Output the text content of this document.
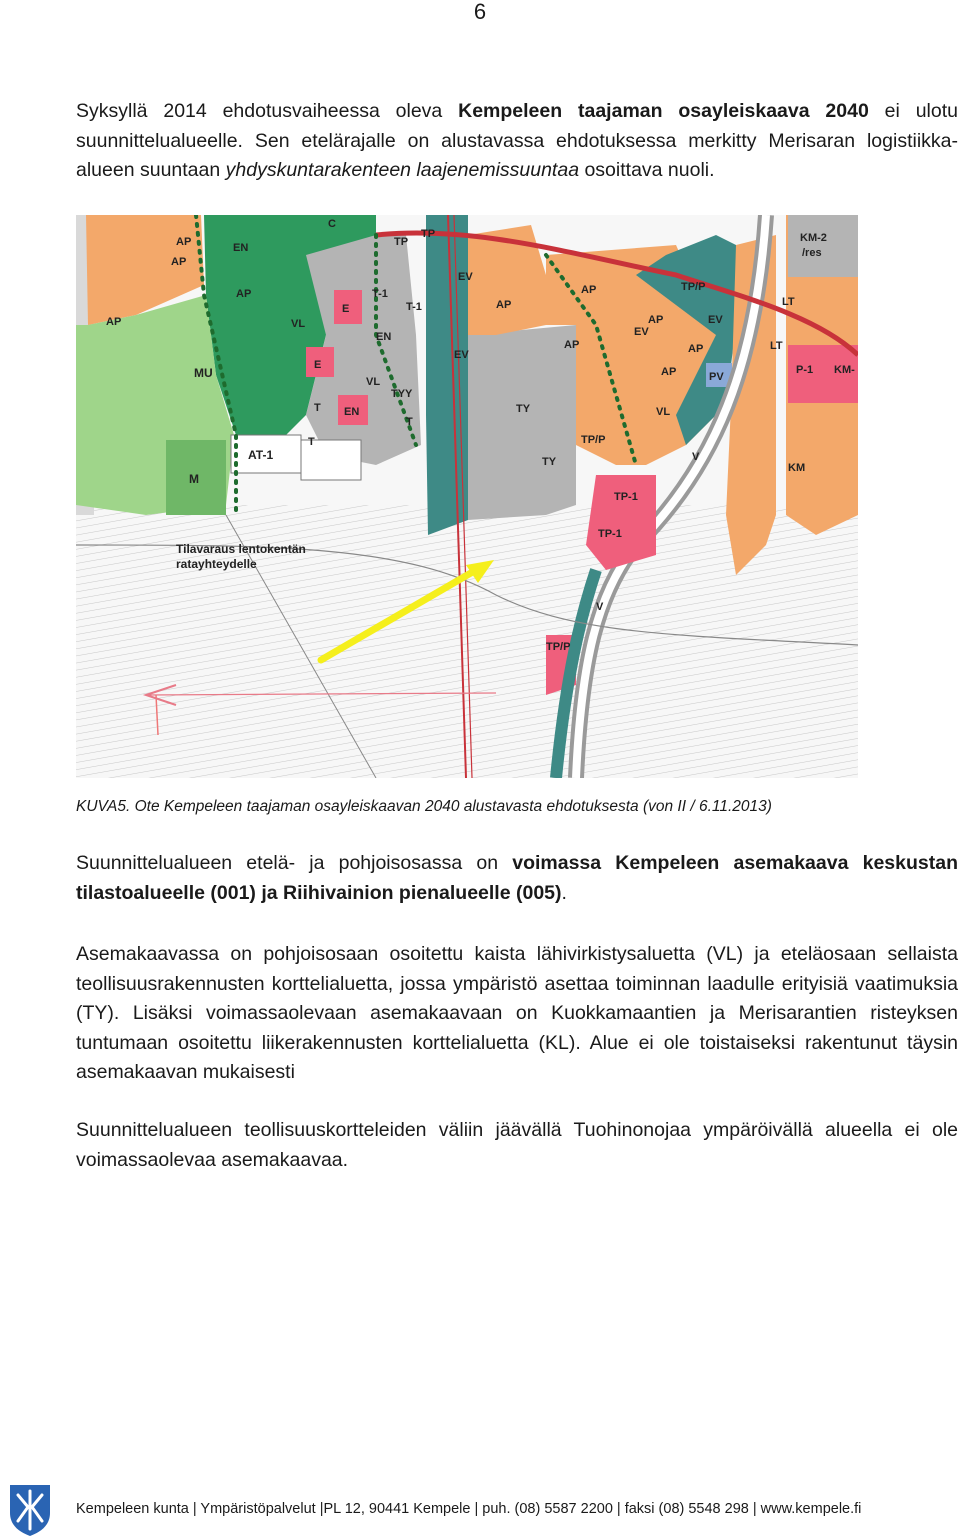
6

Syksyllä 2014 ehdotusvaiheessa oleva Kempeleen taajaman osayleiskaava 2040 ei ulotu suunnittelualueelle. Sen etelärajalle on alustavassa ehdotuksessa merkitty Merisaran logistiikka-alueen suuntaan yhdyskuntarakenteen laajenemissuuntaa osoittava nuoli.

C
EN
AP
AP
AP
AP
TP
TP
T-1
T-1
E
E
VL
VL
VL
EN
TYY
MU
T
T
T
EN
AT-1
M
EV
EV
EV
EV
TY
TY
AP
AP
AP
AP
AP
AP
TP/P
TP/P
TP/P
PV
KM-2
/res
LT
LT
P-1
KM
KM-
V
V
TP-1
TP-1
Tilavaraus lentokentän
ratayhteydelle
KUVA5. Ote Kempeleen taajaman osayleiskaavan 2040 alustavasta ehdotuksesta (von II / 6.11.2013)

Suunnittelualueen etelä- ja pohjoisosassa on voimassa Kempeleen asemakaava keskustan tilastoalueelle (001) ja Riihivainion pienalueelle (005).

Asemakaavassa on pohjoisosaan osoitettu kaista lähivirkistysaluetta (VL) ja eteläosaan sellaista teollisuusrakennusten korttelialuetta, jossa ympäristö asettaa toiminnan laadulle erityisiä vaatimuksia (TY). Lisäksi voimassaolevaan asemakaavaan on Kuokkamaantien ja Merisarantien risteyksen tuntumaan osoitettu liikerakennusten korttelialuetta (KL). Alue ei ole toistaiseksi rakentunut täysin asemakaavan mukaisesti

Suunnittelualueen teollisuuskortteleiden väliin jäävällä Tuohinonojaa ympäröivällä alueella ei ole voimassaolevaa asemakaavaa.

Kempeleen kunta | Ympäristöpalvelut |PL 12, 90441 Kempele | puh. (08) 5587 2200 | faksi (08) 5548 298 | www.kempele.fi
